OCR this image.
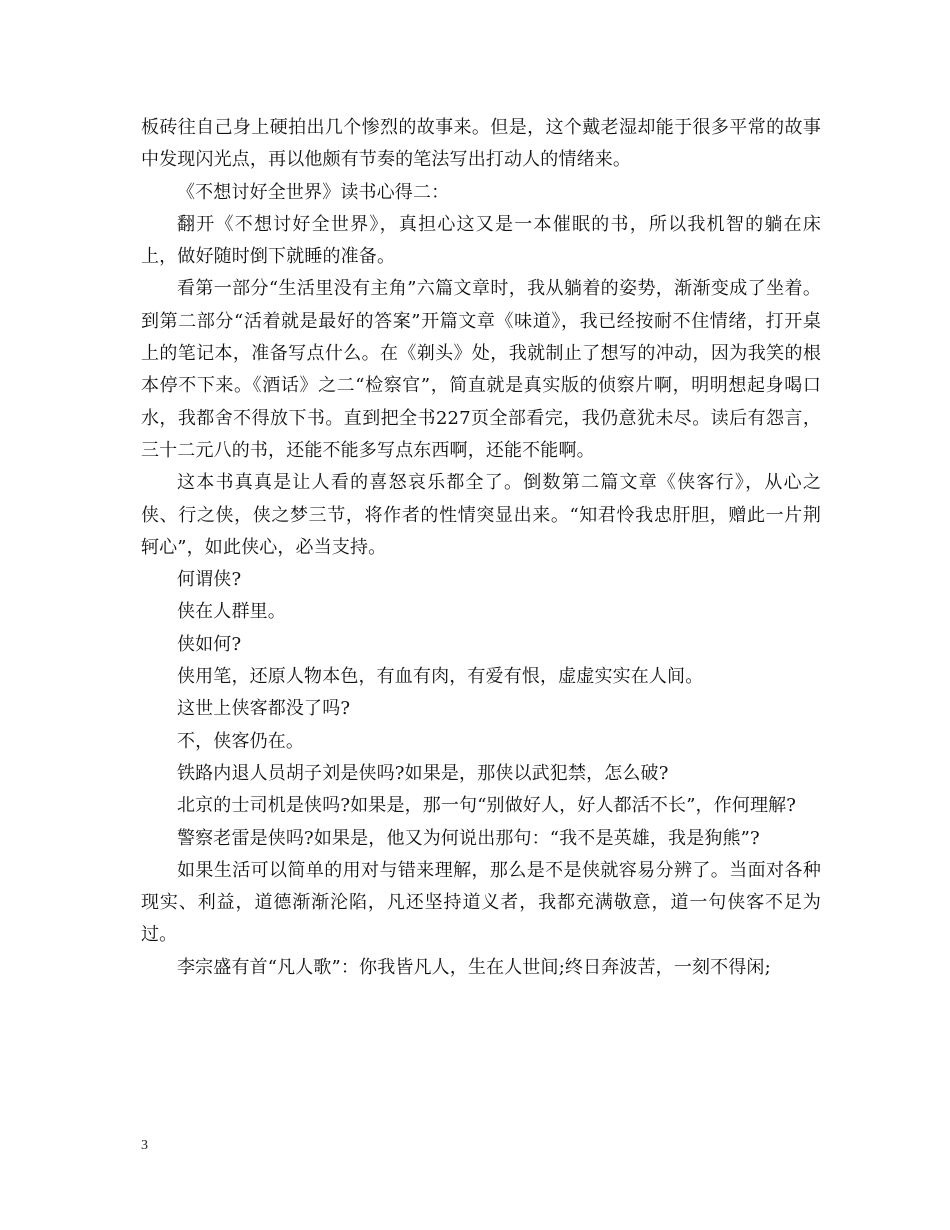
板砖往自己身上硬拍出几个惨烈的故事来。但是，这个戴老湿却能于很多平常的故事中发现闪光点，再以他颇有节奏的笔法写出打动人的情绪来。

《不想讨好全世界》读书心得二：

翻开《不想讨好全世界》，真担心这又是一本催眠的书，所以我机智的躺在床上，做好随时倒下就睡的准备。

看第一部分“生活里没有主角”六篇文章时，我从躺着的姿势，渐渐变成了坐着。到第二部分“活着就是最好的答案”开篇文章《味道》，我已经按耐不住情绪，打开桌上的笔记本，准备写点什么。在《剃头》处，我就制止了想写的冲动，因为我笑的根本停不下来。《酒话》之二“检察官”，简直就是真实版的侦察片啊，明明想起身喝口水，我都舍不得放下书。直到把全书227页全部看完，我仍意犹未尽。读后有怨言，三十二元八的书，还能不能多写点东西啊，还能不能啊。

这本书真真是让人看的喜怒哀乐都全了。倒数第二篇文章《侠客行》，从心之侠、行之侠，侠之梦三节，将作者的性情突显出来。“知君怜我忠肝胆，赠此一片荆轲心”，如此侠心，必当支持。

何谓侠?

侠在人群里。

侠如何?

侠用笔，还原人物本色，有血有肉，有爱有恨，虚虚实实在人间。

这世上侠客都没了吗?

不，侠客仍在。

铁路内退人员胡子刘是侠吗?如果是，那侠以武犯禁，怎么破?

北京的士司机是侠吗?如果是，那一句“别做好人，好人都活不长”，作何理解?

警察老雷是侠吗?如果是，他又为何说出那句：“我不是英雄，我是狗熊”?

如果生活可以简单的用对与错来理解，那么是不是侠就容易分辨了。当面对各种现实、利益，道德渐渐沦陷，凡还坚持道义者，我都充满敬意，道一句侠客不足为过。

李宗盛有首“凡人歌”：你我皆凡人，生在人世间;终日奔波苦，一刻不得闲;

3
